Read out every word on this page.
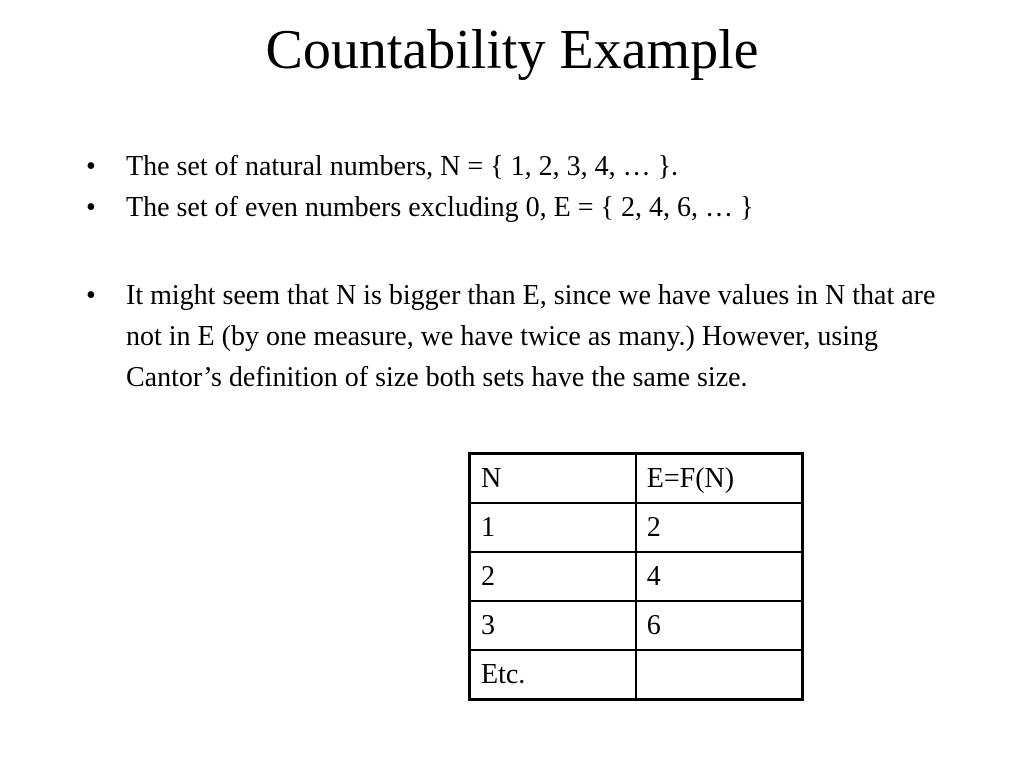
Countability Example
• The set of natural numbers, N = { 1, 2, 3, 4, … }.
• The set of even numbers excluding 0, E = { 2, 4, 6, … }
• It might seem that N is bigger than E, since we have values in N that are not in E (by one measure, we have twice as many.) However, using Cantor’s definition of size both sets have the same size.
N	E=F(N)
1	2
2	4
3	6
Etc.	
